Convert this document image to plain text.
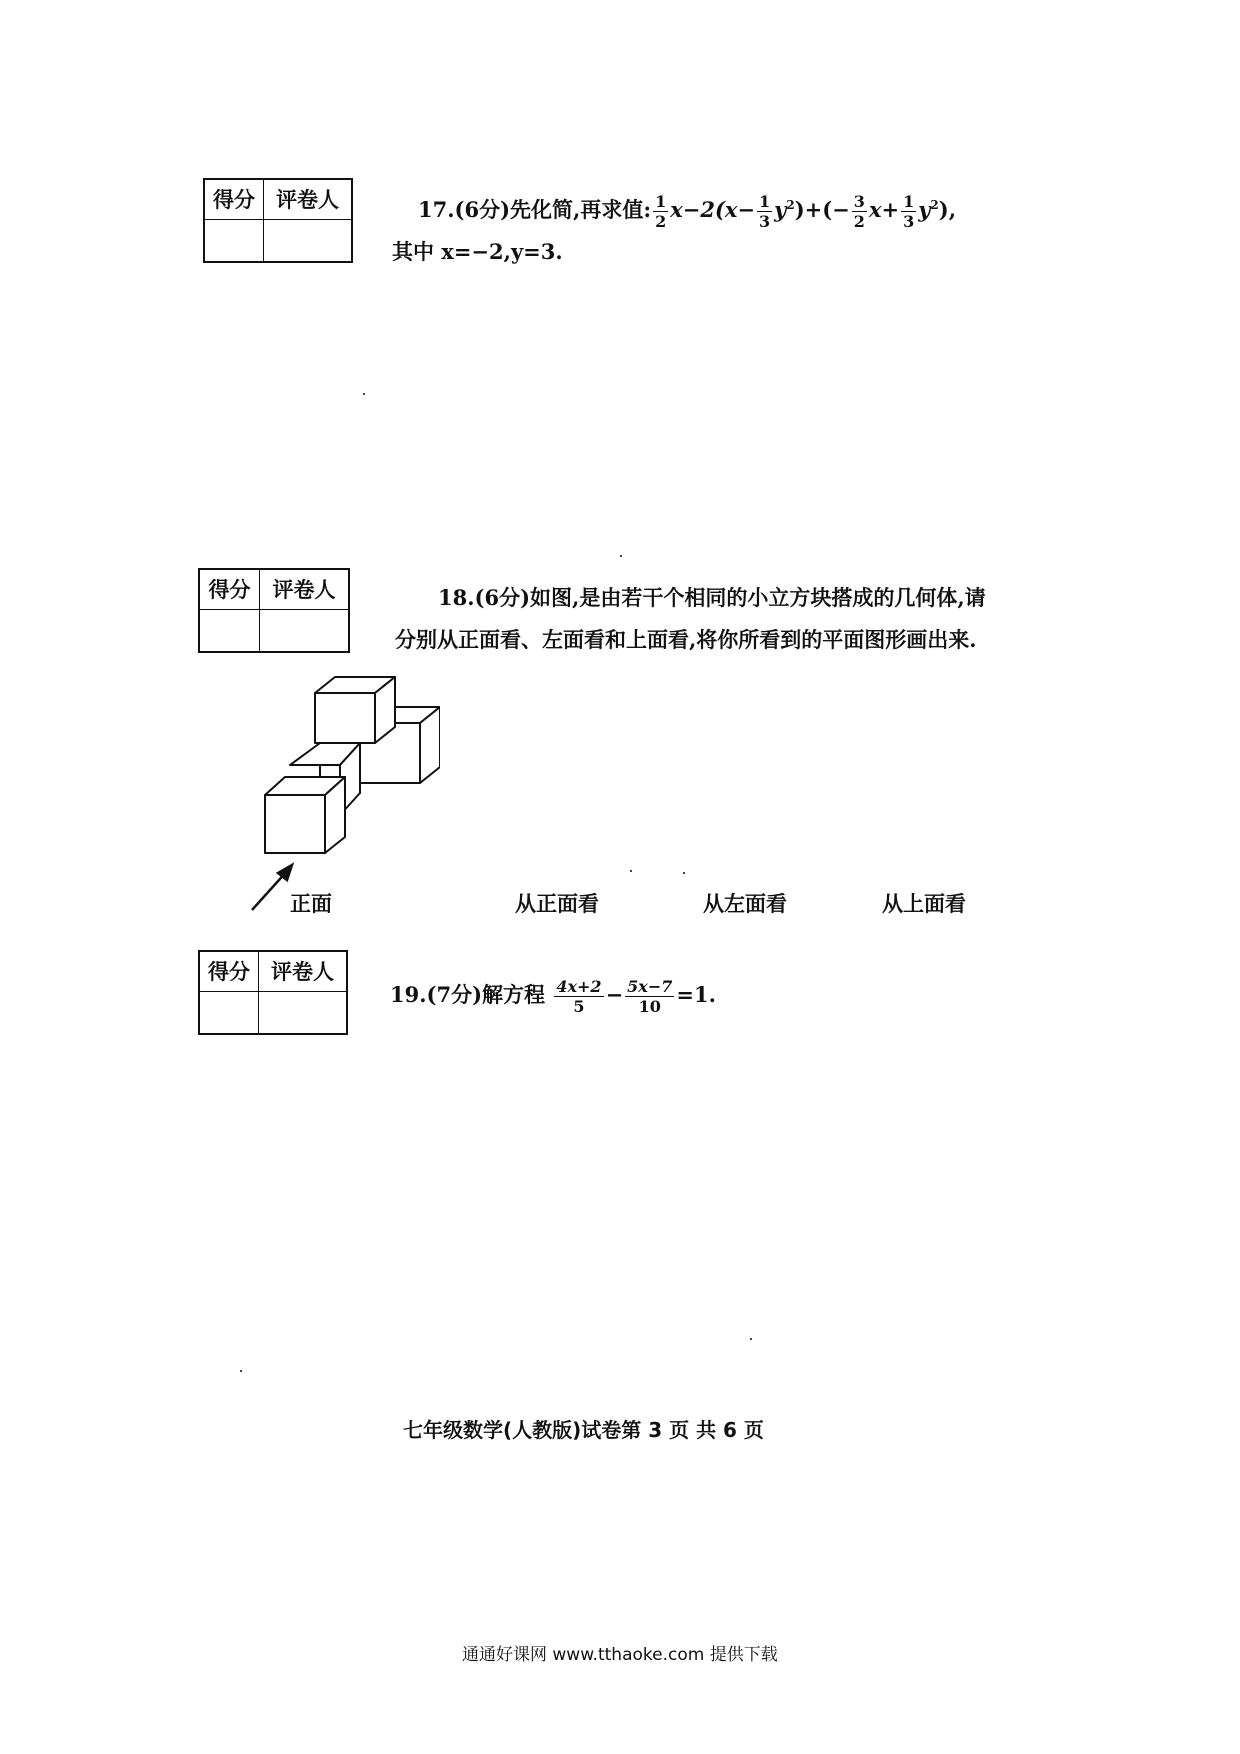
得分	评卷人
		17.(6分)先化简,再求值: $\frac{1}{2} x-2(x- \frac{1}{3} y^2)+(- \frac{3}{2} x+ \frac{1}{3} y^2)$,
其中 x=−2,y=3.
得分	评卷人
		18.(6分)如图,是由若干个相同的小立方块搭成的几何体,请
分别从正面看、左面看和上面看,将你所看到的平面图形画出来.
正面	从正面看	从左面看	从上面看
得分	评卷人

19.(7分)解方程 $\frac{4x+2}{5} - \frac{5x-7}{10} =1$.
七年级数学(人教版)试卷第 3 页 共 6 页
通通好课网 www.tthaoke.com 提供下载
